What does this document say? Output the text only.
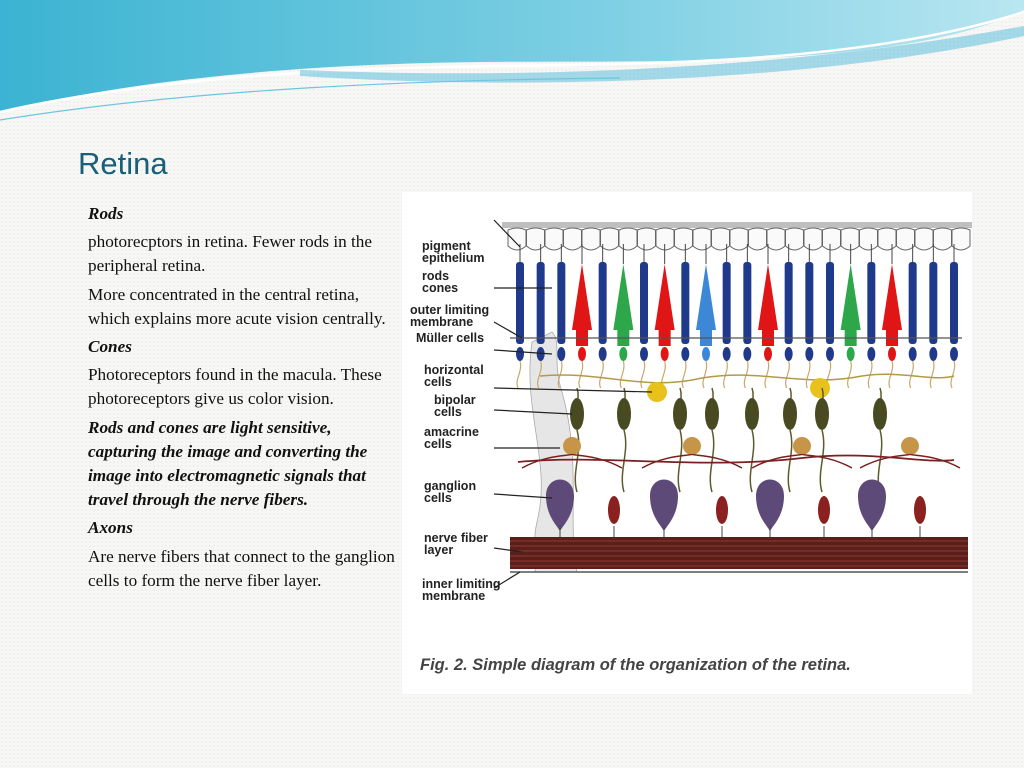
Retina

Rods

photorecptors in retina. Fewer rods in the peripheral retina.

More concentrated in the central retina, which explains more acute vision centrally.

Cones

Photoreceptors found in the macula. These photoreceptors give us color vision.

Rods and cones are light sensitive, capturing the image and converting the image into electromagnetic signals that travel through the nerve fibers.

Axons

Are nerve fibers that connect to the ganglion cells to form the nerve fiber layer.

pigment
epithelium
rods
cones
outer limiting
membrane
Müller cells
horizontal
cells
bipolar
cells
amacrine
cells
ganglion
cells
nerve fiber
layer
inner limiting
membrane
Fig. 2. Simple diagram of the organization of the retina.
